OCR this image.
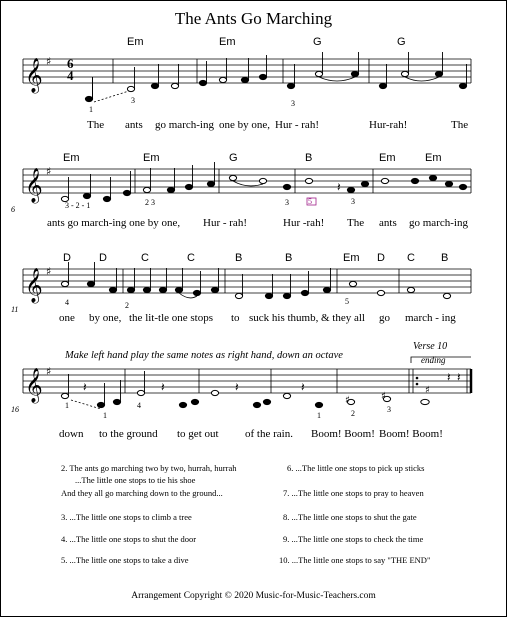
The Ants Go Marching
𝄞
𝄞
𝄞
𝄞
♯
♯
♯
♯
𝄽
𝄽	𝄽	𝄽	𝄽
𝄽 𝄽
♯
♯	♯
6
4
Em	Em	G	G
Em	Em	G	B	Em	Em
D	D	C	C	B	B	Em D C B
The ants go march-ing one by one, Hur - rah!	Hur-rah!	The
ants go march-ing one by one, Hur - rah!	Hur -rah! The ants go march-ing
one by one, the lit-tle one stops to suck his thumb, & they all go march - ing
down to the ground to get out of the rain. Boom! Boom! Boom! Boom!
1
3	3
3 - 2 - 1	2 3	3 5	3
4	2	5
1
1
4
1	2	3
6
11
16
Make left hand play the same notes as right hand, down an octave
Verse 10
ending
2. The ants go marching two by two, hurrah, hurrah
...The little one stops to tie his shoe
And they all go marching down to the ground...
3. ...The little one stops to climb a tree
4. ...The little one stops to shut the door
5. ...The little one stops to take a dive
6. ...The little one stops to pick up sticks
7. ...The little one stops to pray to heaven
8. ...The little one stops to shut the gate
9. ...The little one stops to check the time
10. ...The little one stops to say "THE END"
Arrangement Copyright © 2020 Music-for-Music-Teachers.com
